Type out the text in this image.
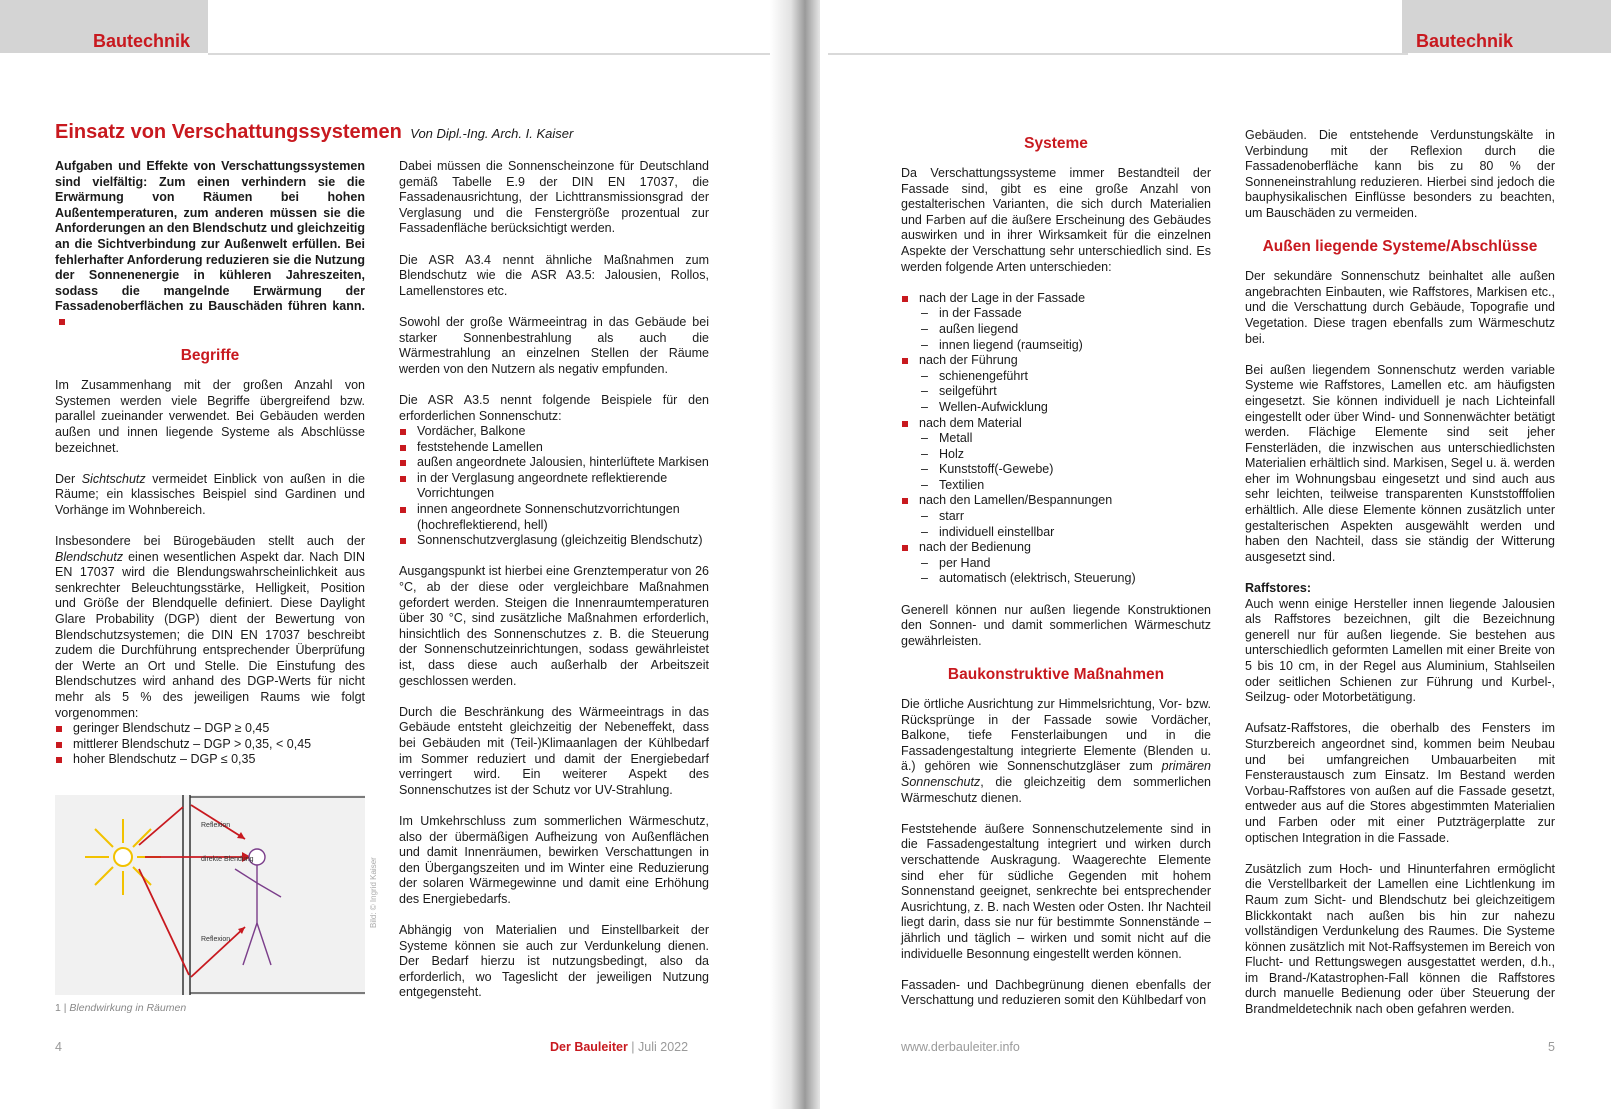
Bautechnik
Einsatz von Verschattungssystemen Von Dipl.-Ing. Arch. I. Kaiser

Aufgaben und Effekte von Verschattungssystemen sind vielfältig: Zum einen verhindern sie die Erwärmung von Räumen bei hohen Außentemperaturen, zum anderen müssen sie die Anforderungen an den Blendschutz und gleichzeitig an die Sichtverbindung zur Außenwelt erfüllen. Bei fehlerhafter Anforderung reduzieren sie die Nutzung der Sonnenenergie in kühleren Jahreszeiten, sodass die mangelnde Erwärmung der Fassadenoberflächen zu Bauschäden führen kann.

Begriffe

Im Zusammenhang mit der großen Anzahl von Systemen werden viele Begriffe übergreifend bzw. parallel zueinander verwendet. Bei Gebäuden werden außen und innen liegende Systeme als Abschlüsse bezeichnet.

Der Sichtschutz vermeidet Einblick von außen in die Räume; ein klassisches Beispiel sind Gardinen und Vorhänge im Wohnbereich.

Insbesondere bei Bürogebäuden stellt auch der Blendschutz einen wesentlichen Aspekt dar. Nach DIN EN 17037 wird die Blendungswahrscheinlichkeit aus senkrechter Beleuchtungsstärke, Helligkeit, Position und Größe der Blendquelle definiert. Diese Daylight Glare Probability (DGP) dient der Bewertung von Blendschutzsystemen; die DIN EN 17037 beschreibt zudem die Durchführung entsprechender Überprüfung der Werte an Ort und Stelle. Die Einstufung des Blendschutzes wird anhand des DGP-Werts für nicht mehr als 5 % des jeweiligen Raums wie folgt vorgenommen:

geringer Blendschutz – DGP ≥ 0,45
mittlerer Blendschutz – DGP > 0,35, < 0,45
hoher Blendschutz – DGP ≤ 0,35
Reflexion
direkte Blendung
Reflexion
Bild: © Ingrid Kaiser
1 | Blendwirkung in Räumen

Dabei müssen die Sonnenscheinzone für Deutschland gemäß Tabelle E.9 der DIN EN 17037, die Fassadenausrichtung, der Lichttransmissionsgrad der Verglasung und die Fenstergröße prozentual zur Fassadenfläche berücksichtigt werden.

Die ASR A3.4 nennt ähnliche Maßnahmen zum Blendschutz wie die ASR A3.5: Jalousien, Rollos, Lamellenstores etc.

Sowohl der große Wärmeeintrag in das Gebäude bei starker Sonnenbestrahlung als auch die Wärmestrahlung an einzelnen Stellen der Räume werden von den Nutzern als negativ empfunden.

Die ASR A3.5 nennt folgende Beispiele für den erforderlichen Sonnenschutz:

Vordächer, Balkone
feststehende Lamellen
außen angeordnete Jalousien, hinterlüftete Markisen
in der Verglasung angeordnete reflektierende Vorrichtungen
innen angeordnete Sonnenschutzvorrichtungen (hochreflektierend, hell)
Sonnenschutzverglasung (gleichzeitig Blendschutz)

Ausgangspunkt ist hierbei eine Grenztemperatur von 26 °C, ab der diese oder vergleichbare Maßnahmen gefordert werden. Steigen die Innenraumtemperaturen über 30 °C, sind zusätzliche Maßnahmen erforderlich, hinsichtlich des Sonnenschutzes z. B. die Steuerung der Sonnenschutzeinrichtungen, sodass gewährleistet ist, dass diese auch außerhalb der Arbeitszeit geschlossen werden.

Durch die Beschränkung des Wärmeeintrags in das Gebäude entsteht gleichzeitig der Nebeneffekt, dass bei Gebäuden mit (Teil-)Klimaanlagen der Kühlbedarf im Sommer reduziert und damit der Energiebedarf verringert wird. Ein weiterer Aspekt des Sonnenschutzes ist der Schutz vor UV-Strahlung.

Im Umkehrschluss zum sommerlichen Wärmeschutz, also der übermäßigen Aufheizung von Außenflächen und damit Innenräumen, bewirken Verschattungen in den Übergangszeiten und im Winter eine Reduzierung der solaren Wärmegewinne und damit eine Erhöhung des Energiebedarfs.

Abhängig von Materialien und Einstellbarkeit der Systeme können sie auch zur Verdunkelung dienen. Der Bedarf hierzu ist nutzungsbedingt, also da erforderlich, wo Tageslicht der jeweiligen Nutzung entgegensteht.

4	Der Bauleiter | Juli 2022
Bautechnik
Systeme

Da Verschattungssysteme immer Bestandteil der Fassade sind, gibt es eine große Anzahl von gestalterischen Varianten, die sich durch Materialien und Farben auf die äußere Erscheinung des Gebäudes auswirken und in ihrer Wirksamkeit für die einzelnen Aspekte der Verschattung sehr unterschiedlich sind. Es werden folgende Arten unterschieden:

nach der Lage in der Fassade
– in der Fassade
– außen liegend
– innen liegend (raumseitig)
nach der Führung
– schienengeführt
– seilgeführt
– Wellen-Aufwicklung
nach dem Material
– Metall
– Holz
– Kunststoff(-Gewebe)
– Textilien
nach den Lamellen/Bespannungen
– starr
– individuell einstellbar
nach der Bedienung
– per Hand
– automatisch (elektrisch, Steuerung)

Generell können nur außen liegende Konstruktionen den Sonnen- und damit sommerlichen Wärmeschutz gewährleisten.

Baukonstruktive Maßnahmen

Die örtliche Ausrichtung zur Himmelsrichtung, Vor- bzw. Rücksprünge in der Fassade sowie Vordächer, Balkone, tiefe Fensterlaibungen und in die Fassadengestaltung integrierte Elemente (Blenden u. ä.) gehören wie Sonnenschutzgläser zum primären Sonnenschutz, die gleichzeitig dem sommerlichen Wärmeschutz dienen.

Feststehende äußere Sonnenschutzelemente sind in die Fassadengestaltung integriert und wirken durch verschattende Auskragung. Waagerechte Elemente sind eher für südliche Gegenden mit hohem Sonnenstand geeignet, senkrechte bei entsprechender Ausrichtung, z. B. nach Westen oder Osten. Ihr Nachteil liegt darin, dass sie nur für bestimmte Sonnenstände – jährlich und täglich – wirken und somit nicht auf die individuelle Besonnung eingestellt werden können.

Fassaden- und Dachbegrünung dienen ebenfalls der Verschattung und reduzieren somit den Kühlbedarf von

Gebäuden. Die entstehende Verdunstungskälte in Verbindung mit der Reflexion durch die Fassadenoberfläche kann bis zu 80 % der Sonneneinstrahlung reduzieren. Hierbei sind jedoch die bauphysikalischen Einflüsse besonders zu beachten, um Bauschäden zu vermeiden.

Außen liegende Systeme/Abschlüsse

Der sekundäre Sonnenschutz beinhaltet alle außen angebrachten Einbauten, wie Raffstores, Markisen etc., und die Verschattung durch Gebäude, Topografie und Vegetation. Diese tragen ebenfalls zum Wärmeschutz bei.

Bei außen liegendem Sonnenschutz werden variable Systeme wie Raffstores, Lamellen etc. am häufigsten eingesetzt. Sie können individuell je nach Lichteinfall eingestellt oder über Wind- und Sonnenwächter betätigt werden. Flächige Elemente sind seit jeher Fensterläden, die inzwischen aus unterschiedlichsten Materialien erhältlich sind. Markisen, Segel u. ä. werden eher im Wohnungsbau eingesetzt und sind auch aus sehr leichten, teilweise transparenten Kunststofffolien erhältlich. Alle diese Elemente können zusätzlich unter gestalterischen Aspekten ausgewählt werden und haben den Nachteil, dass sie ständig der Witterung ausgesetzt sind.

Raffstores:

Auch wenn einige Hersteller innen liegende Jalousien als Raffstores bezeichnen, gilt die Bezeichnung generell nur für außen liegende. Sie bestehen aus unterschiedlich geformten Lamellen mit einer Breite von 5 bis 10 cm, in der Regel aus Aluminium, Stahlseilen oder seitlichen Schienen zur Führung und Kurbel-, Seilzug- oder Motorbetätigung.

Aufsatz-Raffstores, die oberhalb des Fensters im Sturzbereich angeordnet sind, kommen beim Neubau und bei umfangreichen Umbauarbeiten mit Fensteraustausch zum Einsatz. Im Bestand werden Vorbau-Raffstores von außen auf die Fassade gesetzt, entweder aus auf die Stores abgestimmten Materialien und Farben oder mit einer Putzträgerplatte zur optischen Integration in die Fassade.

Zusätzlich zum Hoch- und Hinunterfahren ermöglicht die Verstellbarkeit der Lamellen eine Lichtlenkung im Raum zum Sicht- und Blendschutz bei gleichzeitigem Blickkontakt nach außen bis hin zur nahezu vollständigen Verdunkelung des Raumes. Die Systeme können zusätzlich mit Not-Raffsystemen im Bereich von Flucht- und Rettungswegen ausgestattet werden, d.h., im Brand-/Katastrophen-Fall können die Raffstores durch manuelle Bedienung oder über Steuerung der Brandmeldetechnik nach oben gefahren werden.

www.derbauleiter.info	5
